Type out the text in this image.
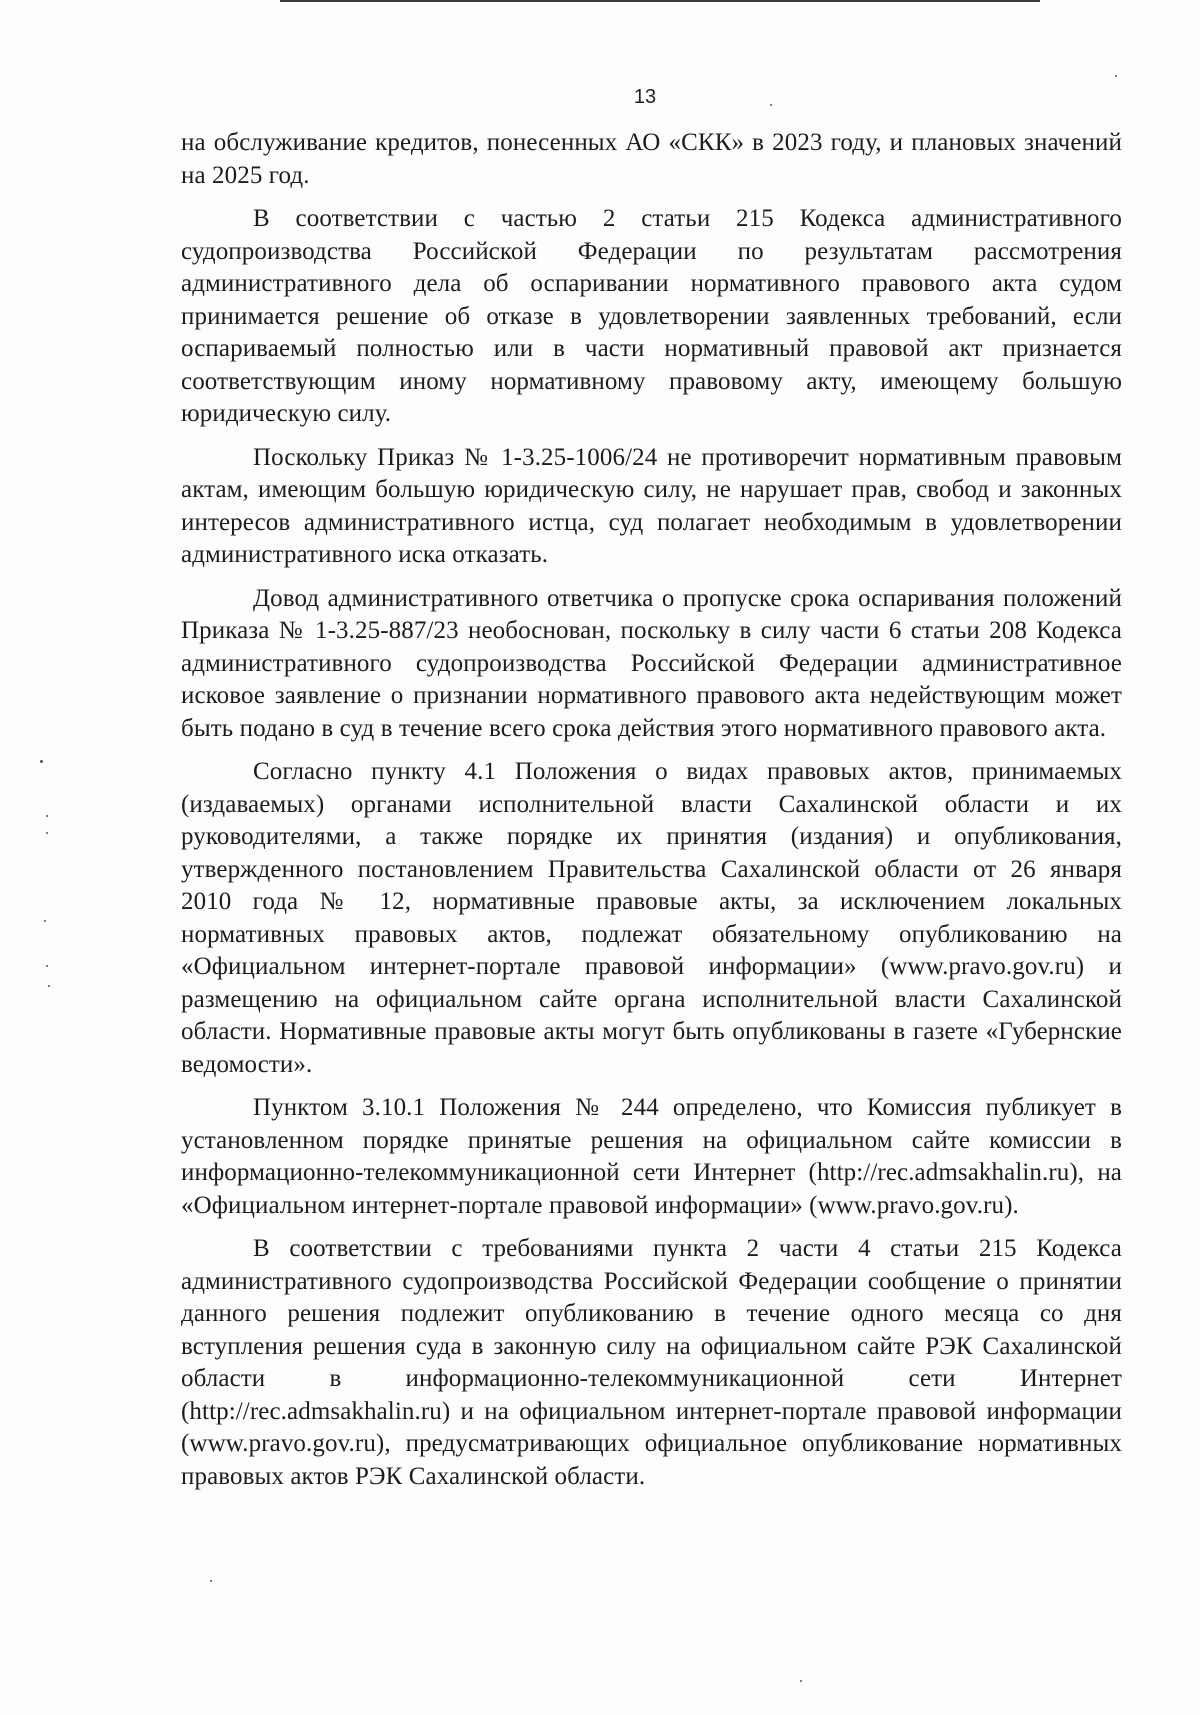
13

на обслуживание кредитов, понесенных АО «СКК» в 2023 году, и плановых значений на 2025 год.

В соответствии с частью 2 статьи 215 Кодекса административного судопроизводства Российской Федерации по результатам рассмотрения административного дела об оспаривании нормативного правового акта судом принимается решение об отказе в удовлетворении заявленных требований, если оспариваемый полностью или в части нормативный правовой акт признается соответствующим иному нормативному правовому акту, имеющему большую юридическую силу.

Поскольку Приказ № 1-3.25-1006/24 не противоречит нормативным правовым актам, имеющим большую юридическую силу, не нарушает прав, свобод и законных интересов административного истца, суд полагает необходимым в удовлетворении административного иска отказать.

Довод административного ответчика о пропуске срока оспаривания положений Приказа № 1-3.25-887/23 необоснован, поскольку в силу части 6 статьи 208 Кодекса административного судопроизводства Российской Федерации административное исковое заявление о признании нормативного правового акта недействующим может быть подано в суд в течение всего срока действия этого нормативного правового акта.

Согласно пункту 4.1 Положения о видах правовых актов, принимаемых (издаваемых) органами исполнительной власти Сахалинской области и их руководителями, а также порядке их принятия (издания) и опубликования, утвержденного постановлением Правительства Сахалинской области от 26 января 2010 года № 12, нормативные правовые акты, за исключением локальных нормативных правовых актов, подлежат обязательному опубликованию на «Официальном интернет-портале правовой информации» (www.pravo.gov.ru) и размещению на официальном сайте органа исполнительной власти Сахалинской области. Нормативные правовые акты могут быть опубликованы в газете «Губернские ведомости».

Пунктом 3.10.1 Положения № 244 определено, что Комиссия публикует в установленном порядке принятые решения на официальном сайте комиссии в информационно-телекоммуникационной сети Интернет (http://rec.admsakhalin.ru), на «Официальном интернет-портале правовой информации» (www.pravo.gov.ru).

В соответствии с требованиями пункта 2 части 4 статьи 215 Кодекса административного судопроизводства Российской Федерации сообщение о принятии данного решения подлежит опубликованию в течение одного месяца со дня вступления решения суда в законную силу на официальном сайте РЭК Сахалинской области в информационно-телекоммуникационной сети Интернет (http://rec.admsakhalin.ru) и на официальном интернет-портале правовой информации (www.pravo.gov.ru), предусматривающих официальное опубликование нормативных правовых актов РЭК Сахалинской области.
